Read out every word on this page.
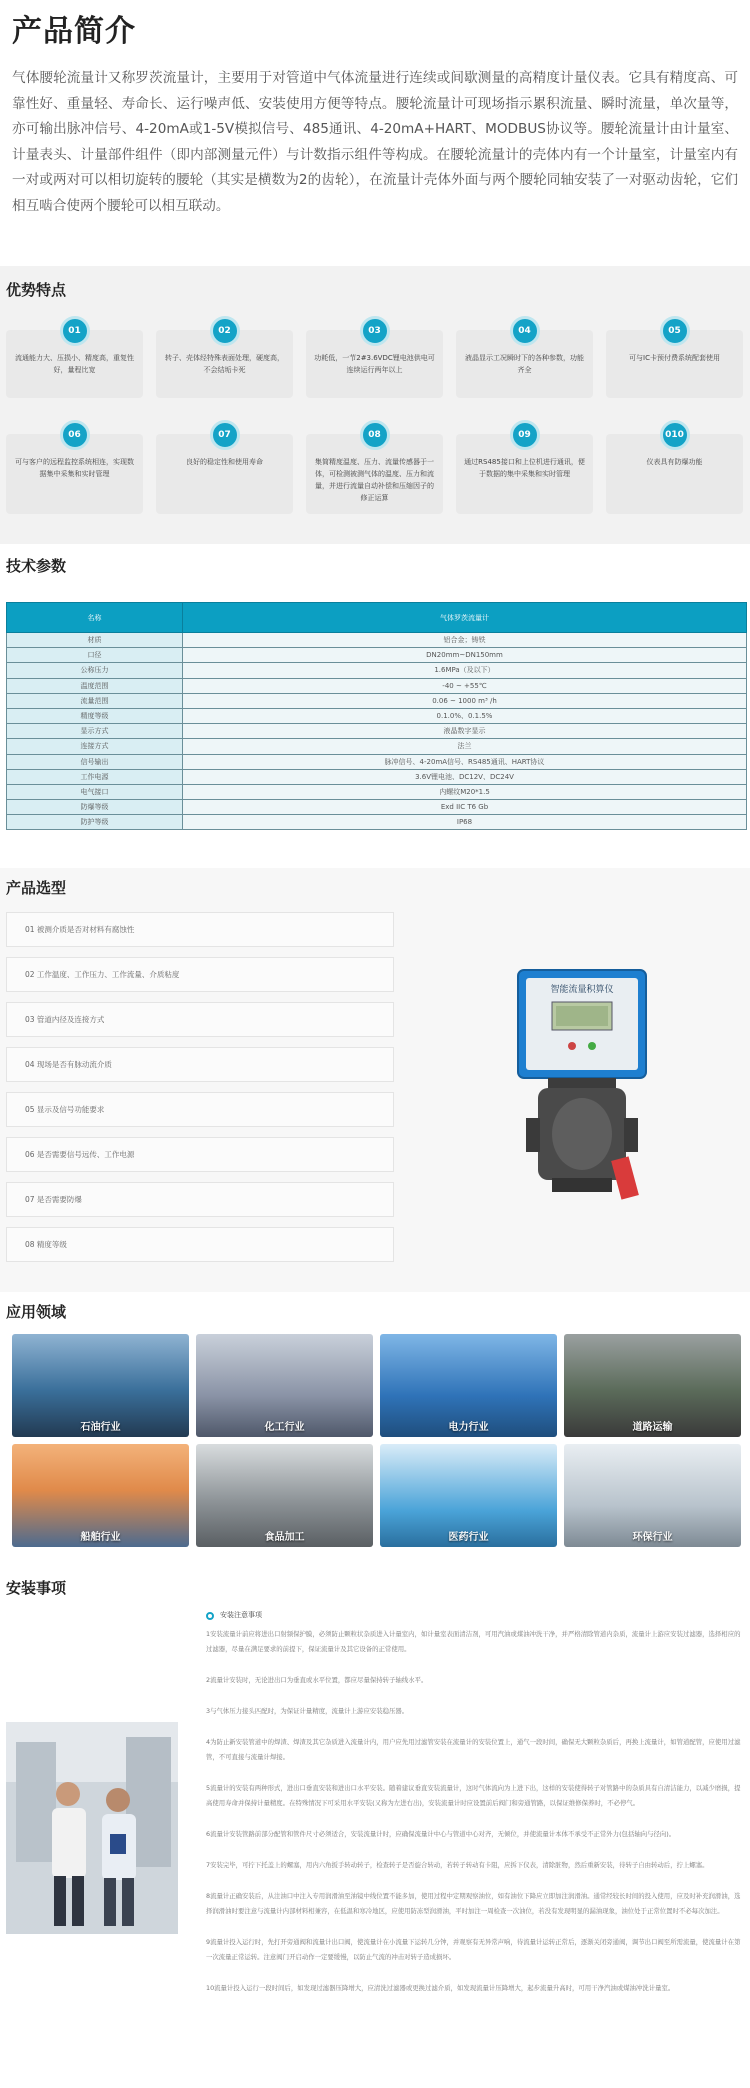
产品简介

气体腰轮流量计又称罗茨流量计，主要用于对管道中气体流量进行连续或间歇测量的高精度计量仪表。它具有精度高、可靠性好、重量轻、寿命长、运行噪声低、安装使用方便等特点。腰轮流量计可现场指示累积流量、瞬时流量，单次量等，亦可输出脉冲信号、4-20mA或1-5V模拟信号、485通讯、4-20mA+HART、MODBUS协议等。腰轮流量计由计量室、计量表头、计量部件组件（即内部测量元件）与计数指示组件等构成。在腰轮流量计的壳体内有一个计量室，计量室内有一对或两对可以相切旋转的腰轮（其实是横数为2的齿轮），在流量计壳体外面与两个腰轮同轴安装了一对驱动齿轮，它们相互啮合使两个腰轮可以相互联动。

优势特点
01
流通能力大、压损小、精度高，重复性好，量程比宽
02
转子、壳体经特殊表面处理，硬度高，不会结垢卡死
03
功耗低，一节2#3.6VDC锂电池供电可连续运行两年以上
04
液晶显示工况瞬时下的各种参数，功能齐全
05
可与IC卡预付费系统配套使用
06
可与客户的远程监控系统相连，实现数据集中采集和实时管理
07
良好的稳定性和使用寿命
08
集简精度温度、压力、流量传感器于一体，可检测被测气体的温度、压力和流量，并进行流量自动补偿和压缩因子的修正运算
09
通过RS485接口和上位机进行通讯，便于数据的集中采集和实时管理
010
仪表具有防爆功能
技术参数
名称	气体罗茨流量计
材质	铝合金；铸铁
口径	DN20mm~DN150mm
公称压力	1.6MPa（及以下）
温度范围	-40 ~ +55℃
流量范围	0.06 ~ 1000 m³ /h
精度等级	0.1.0%、0.1.5%
显示方式	液晶数字显示
连接方式	法兰
信号输出	脉冲信号、4-20mA信号、RS485通讯、HART协议
工作电源	3.6V锂电池、DC12V、DC24V
电气接口	内螺纹M20*1.5
防爆等级	Exd IIC T6 Gb
防护等级	IP68
产品选型
01 被测介质是否对材料有腐蚀性
02 工作温度、工作压力、工作流量、介质粘度
03 管道内径及连接方式
04 现场是否有脉动流介质
05 显示及信号功能要求
06 是否需要信号远传、工作电源
07 是否需要防爆
08 精度等级
智能流量积算仪
应用领域
石油行业	化工行业	电力行业	道路运输
船舶行业	食品加工	医药行业	环保行业
安装事项
安装注意事项
1安装流量计前应将进出口射频保护膜，必须防止颗粒状杂质进入计量室内，如计量室表面清洁剂，可用汽油或煤油冲洗干净，并严格清除管道内杂质，流量计上游应安装过滤器，选择相应的过滤器，尽量在满足要求的前提下，保证流量计及其它设备的正常使用。
2流量计安装时，无论进出口为垂直或水平位置，都应尽量保持转子轴线水平。
3与气体压力接头匹配时，为保证计量精度，流量计上游应安装稳压器。
4为防止新安装管道中的焊渣、焊渣及其它杂质进入流量计内，用户应先用过滤管安装在流量计的安装位置上，通气一段时间，确保无大颗粒杂质后，再换上流量计，如管道配管，应使用过滤管，不可直接与流量计焊接。
5流量计的安装有两种形式，进出口垂直安装和进出口水平安装。随着建议垂直安装流量计，这时气体流向为上进下出，这样的安装使得转子对管路中的杂质具有自清洁能力，以减少磨损，提高使用寿命并保持计量精度。在特殊情况下可采用水平安装(又称为左进右出)，安装流量计时应设置前后阀门和旁通管路，以保证维修保养时，不必停气。
6流量计安装管路前部分配管和管件尺寸必须适合，安装流量计时，应确保流量计中心与管道中心对齐，无倾位，并使流量计本体不承受不正常外力(包括轴向与径向)。
7安装完毕，可拧下托盖上的螺塞，用内六角扳手转动转子，检查转子是否旋合转动，若转子转动有卡阻，应拆下仪表，清除脏物，然后重新安装，待转子自由转动后，拧上螺塞。
8流量计正确安装后，从注油口中注入专用润滑油至油镜中线位置不能多加，使用过程中定期观察油位，如有油位下降应立即加注润滑油。通常经较长时间的投入使用，应及时补充润滑油，选择润滑油时要注意与流量计内部材料相兼容，在低温和寒冷地区，应使用防冻型润滑油，平时加注一周检查一次油位，若没有发现明显的漏油现象，油位处于正常位置时不必每次加注。
9流量计投入运行时，先打开旁通阀和流量计出口阀，使流量计在小流量下运转几分钟，并观察有无异常声响，待流量计运转正常后，逐渐关闭旁通阀，调节出口阀至所需流量，使流量计在第一次流量正常运转。注意阀门开启动作一定要缓慢，以防止气流的冲击对转子造成损坏。
10流量计投入运行一段时间后，如发现过滤器压降增大，应清洗过滤器或更换过滤介质，如发现流量计压降增大，起步流量升高时，可用干净汽油或煤油冲洗计量室。
